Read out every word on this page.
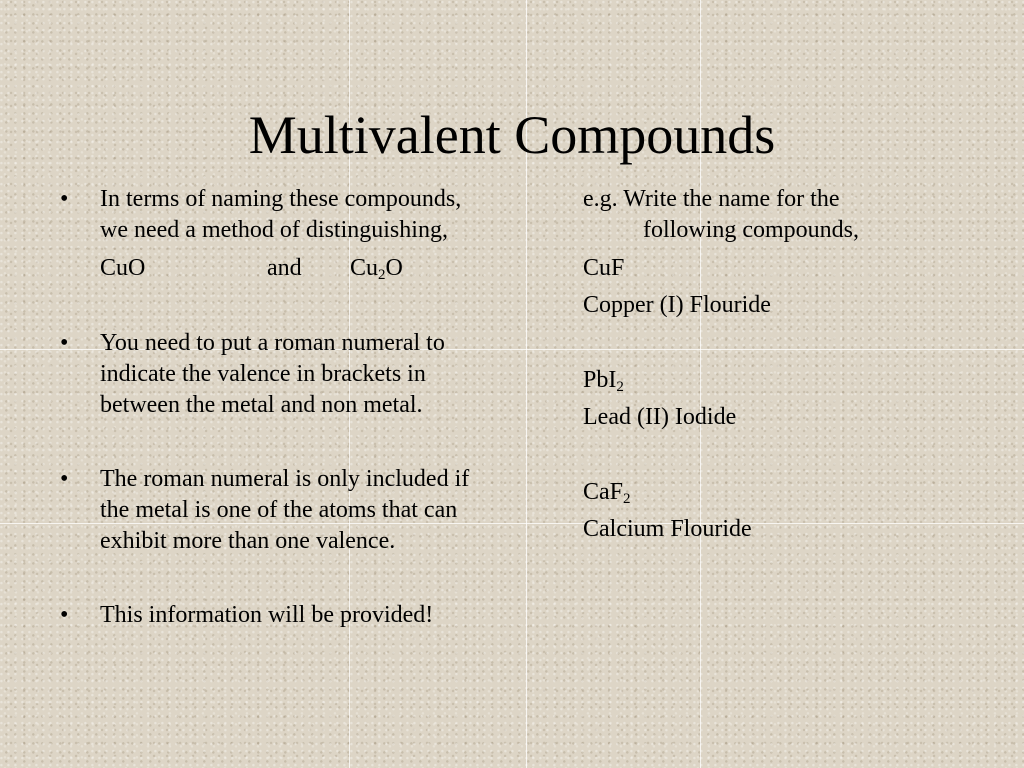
Multivalent Compounds
•	In terms of naming these compounds,
we need a method of distinguishing,
CuO	and $Cu_2O$
•	You need to put a roman numeral to
indicate the valence in brackets in
between the metal and non metal.
•	The roman numeral is only included if
the metal is one of the atoms that can
exhibit more than one valence.
•	This information will be provided!
e.g. Write the name for the
following compounds,
CuF
Copper (I) Flouride
PbI$_2$
Lead (II) Iodide
CaF$_2$
Calcium Flouride
